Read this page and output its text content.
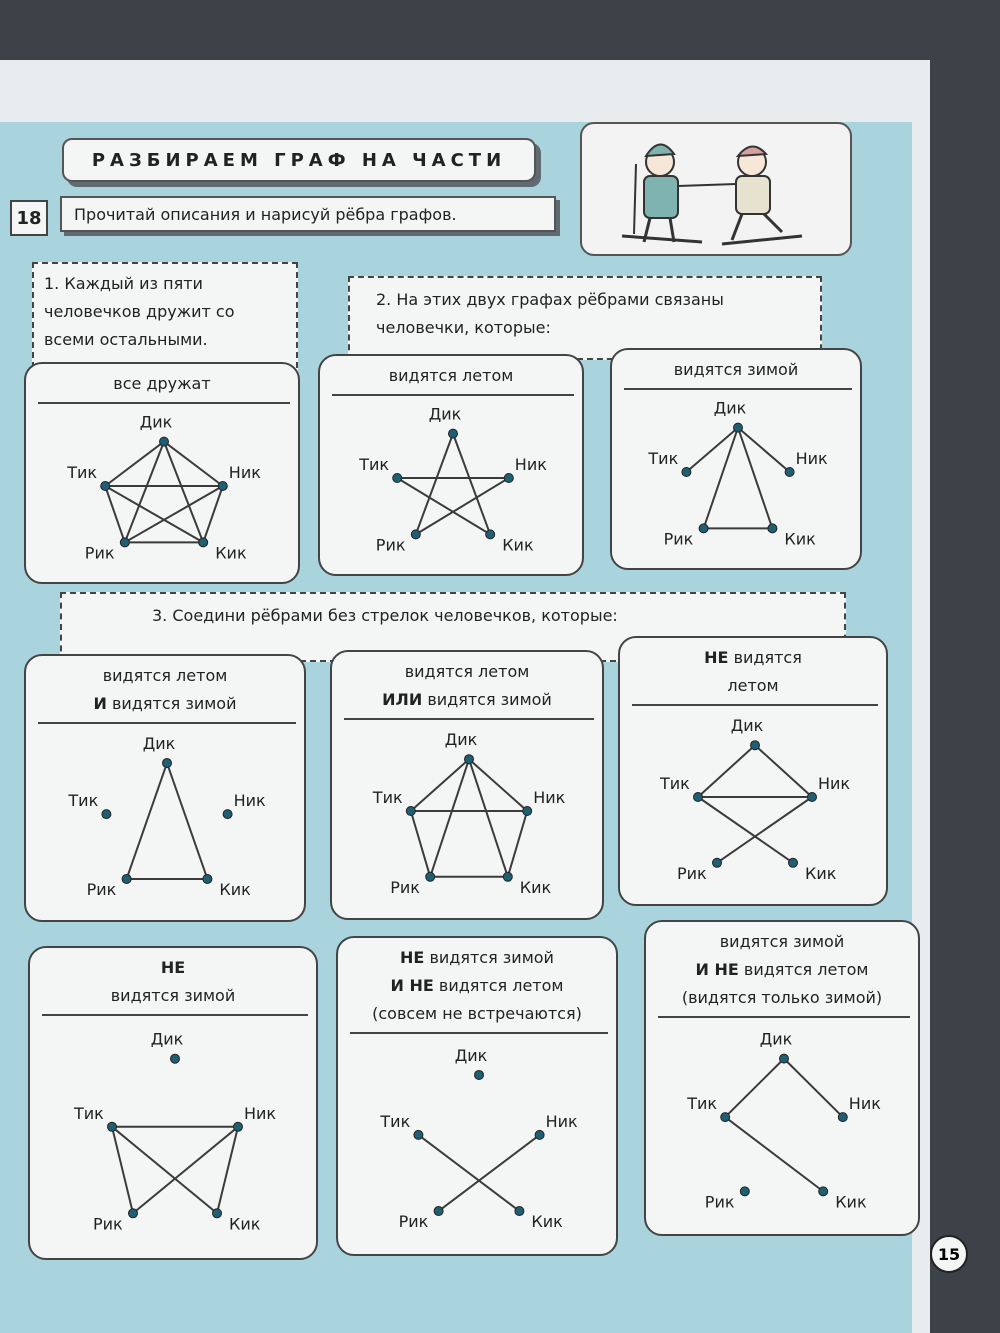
РАЗБИРАЕМ ГРАФ НА ЧАСТИ
18	Прочитай описания и нарисуй рёбра графов.
1. Каждый из пяти
человечков дружит со
всеми остальными.
2. На этих двух графах рёбрами связаны
человечки, которые:
3. Соедини рёбрами без стрелок человечков, которые:
все дружат
Дик
Тик	Ник
Рик	Кик
видятся летом
Дик
Тик	Ник
Рик	Кик
видятся зимой
Дик
Тик	Ник
Рик	Кик
видятся летом
И видятся зимой
Дик
Тик	Ник
Рик	Кик
видятся летом
ИЛИ видятся зимой
Дик
Тик	Ник
Рик	Кик
НЕ видятся
летом
Дик
Тик	Ник
Рик	Кик
НЕ
видятся зимой
Дик
Тик	Ник
Рик	Кик
НЕ видятся зимой
И НЕ видятся летом
(совсем не встречаются)
Дик
Тик	Ник
Рик	Кик
видятся зимой
И НЕ видятся летом
(видятся только зимой)
Дик
Тик	Ник
Рик	Кик
15
